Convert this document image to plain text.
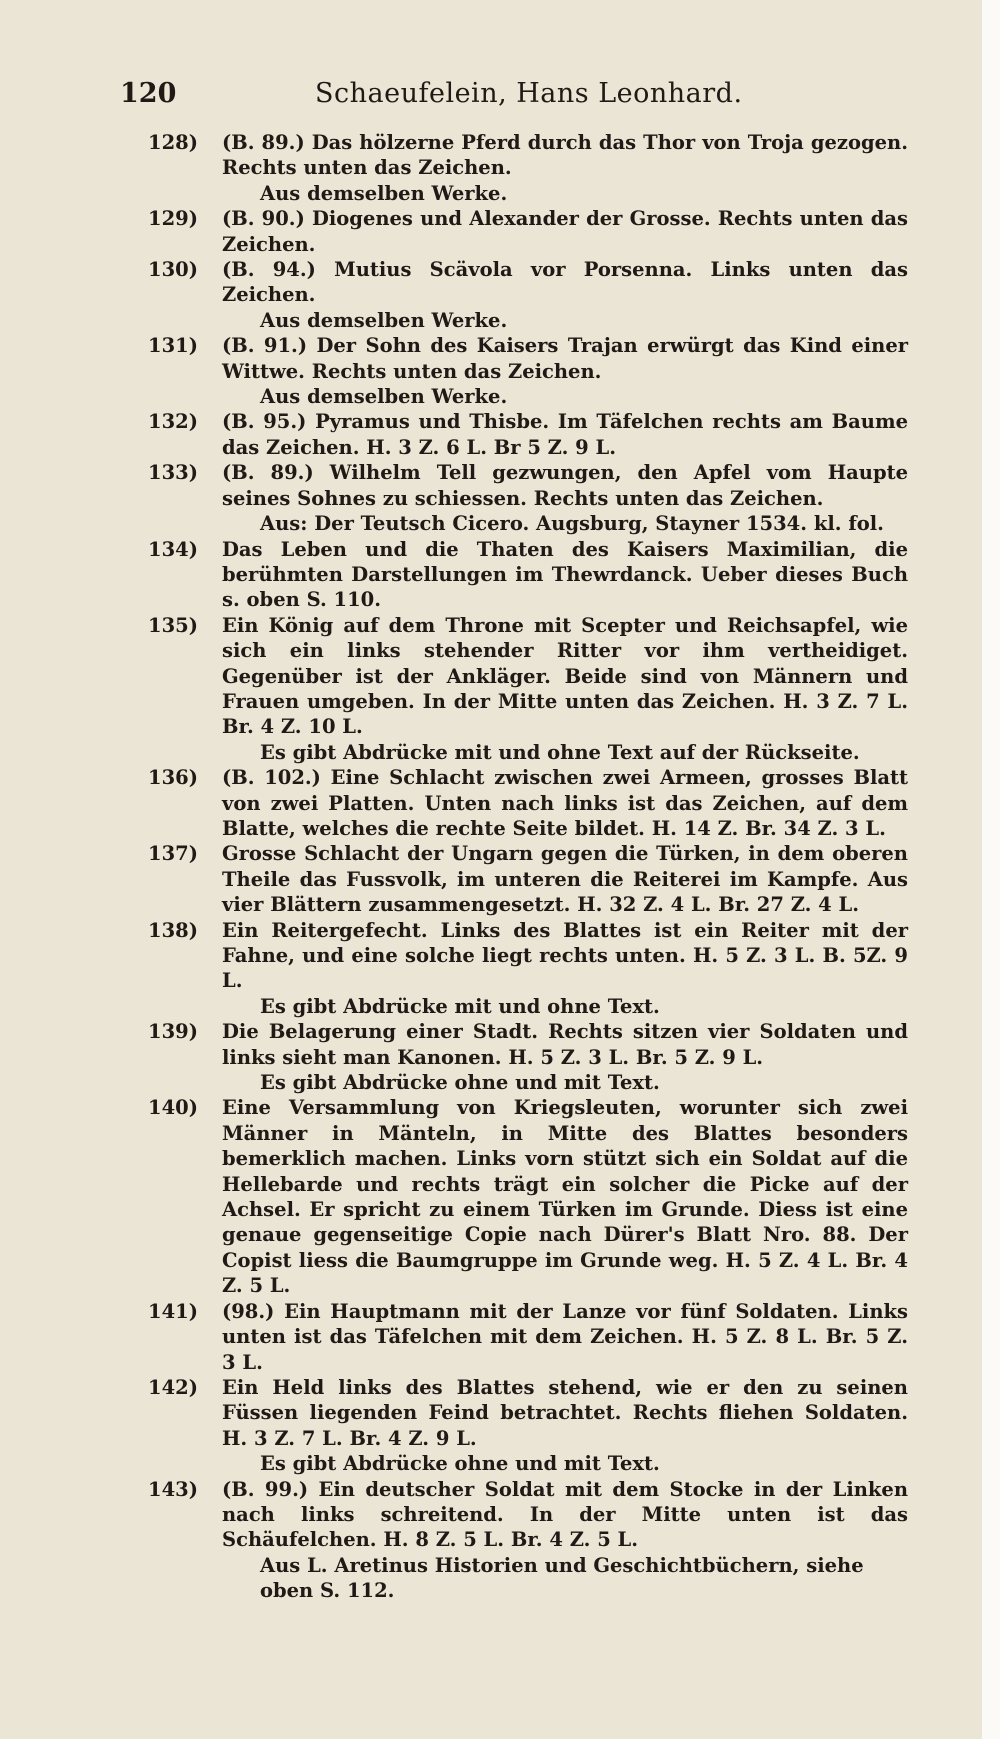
120	Schaeufelein, Hans Leonhard.

128) (B. 89.) Das hölzerne Pferd durch das Thor von Troja gezogen. Rechts unten das Zeichen.

Aus demselben Werke.

129) (B. 90.) Diogenes und Alexander der Grosse. Rechts unten das Zeichen.

130) (B. 94.) Mutius Scävola vor Porsenna. Links unten das Zeichen.

Aus demselben Werke.

131) (B. 91.) Der Sohn des Kaisers Trajan erwürgt das Kind einer Wittwe. Rechts unten das Zeichen.

Aus demselben Werke.

132) (B. 95.) Pyramus und Thisbe. Im Täfelchen rechts am Baume das Zeichen. H. 3 Z. 6 L. Br 5 Z. 9 L.

133) (B. 89.) Wilhelm Tell gezwungen, den Apfel vom Haupte seines Sohnes zu schiessen. Rechts unten das Zeichen.

Aus: Der Teutsch Cicero. Augsburg, Stayner 1534. kl. fol.

134) Das Leben und die Thaten des Kaisers Maximilian, die berühmten Darstellungen im Thewrdanck. Ueber dieses Buch s. oben S. 110.

135) Ein König auf dem Throne mit Scepter und Reichsapfel, wie sich ein links stehender Ritter vor ihm vertheidiget. Gegenüber ist der Ankläger. Beide sind von Männern und Frauen umgeben. In der Mitte unten das Zeichen. H. 3 Z. 7 L. Br. 4 Z. 10 L.

Es gibt Abdrücke mit und ohne Text auf der Rückseite.

136) (B. 102.) Eine Schlacht zwischen zwei Armeen, grosses Blatt von zwei Platten. Unten nach links ist das Zeichen, auf dem Blatte, welches die rechte Seite bildet. H. 14 Z. Br. 34 Z. 3 L.

137) Grosse Schlacht der Ungarn gegen die Türken, in dem oberen Theile das Fussvolk, im unteren die Reiterei im Kampfe. Aus vier Blättern zusammengesetzt. H. 32 Z. 4 L. Br. 27 Z. 4 L.

138) Ein Reitergefecht. Links des Blattes ist ein Reiter mit der Fahne, und eine solche liegt rechts unten. H. 5 Z. 3 L. B. 5Z. 9 L.

Es gibt Abdrücke mit und ohne Text.

139) Die Belagerung einer Stadt. Rechts sitzen vier Soldaten und links sieht man Kanonen. H. 5 Z. 3 L. Br. 5 Z. 9 L.

Es gibt Abdrücke ohne und mit Text.

140) Eine Versammlung von Kriegsleuten, worunter sich zwei Männer in Mänteln, in Mitte des Blattes besonders bemerklich machen. Links vorn stützt sich ein Soldat auf die Hellebarde und rechts trägt ein solcher die Picke auf der Achsel. Er spricht zu einem Türken im Grunde. Diess ist eine genaue gegenseitige Copie nach Dürer's Blatt Nro. 88. Der Copist liess die Baumgruppe im Grunde weg. H. 5 Z. 4 L. Br. 4 Z. 5 L.

141) (98.) Ein Hauptmann mit der Lanze vor fünf Soldaten. Links unten ist das Täfelchen mit dem Zeichen. H. 5 Z. 8 L. Br. 5 Z. 3 L.

142) Ein Held links des Blattes stehend, wie er den zu seinen Füssen liegenden Feind betrachtet. Rechts fliehen Soldaten. H. 3 Z. 7 L. Br. 4 Z. 9 L.

Es gibt Abdrücke ohne und mit Text.

143) (B. 99.) Ein deutscher Soldat mit dem Stocke in der Linken nach links schreitend. In der Mitte unten ist das Schäufelchen. H. 8 Z. 5 L. Br. 4 Z. 5 L.

Aus L. Aretinus Historien und Geschichtbüchern, siehe oben S. 112.
